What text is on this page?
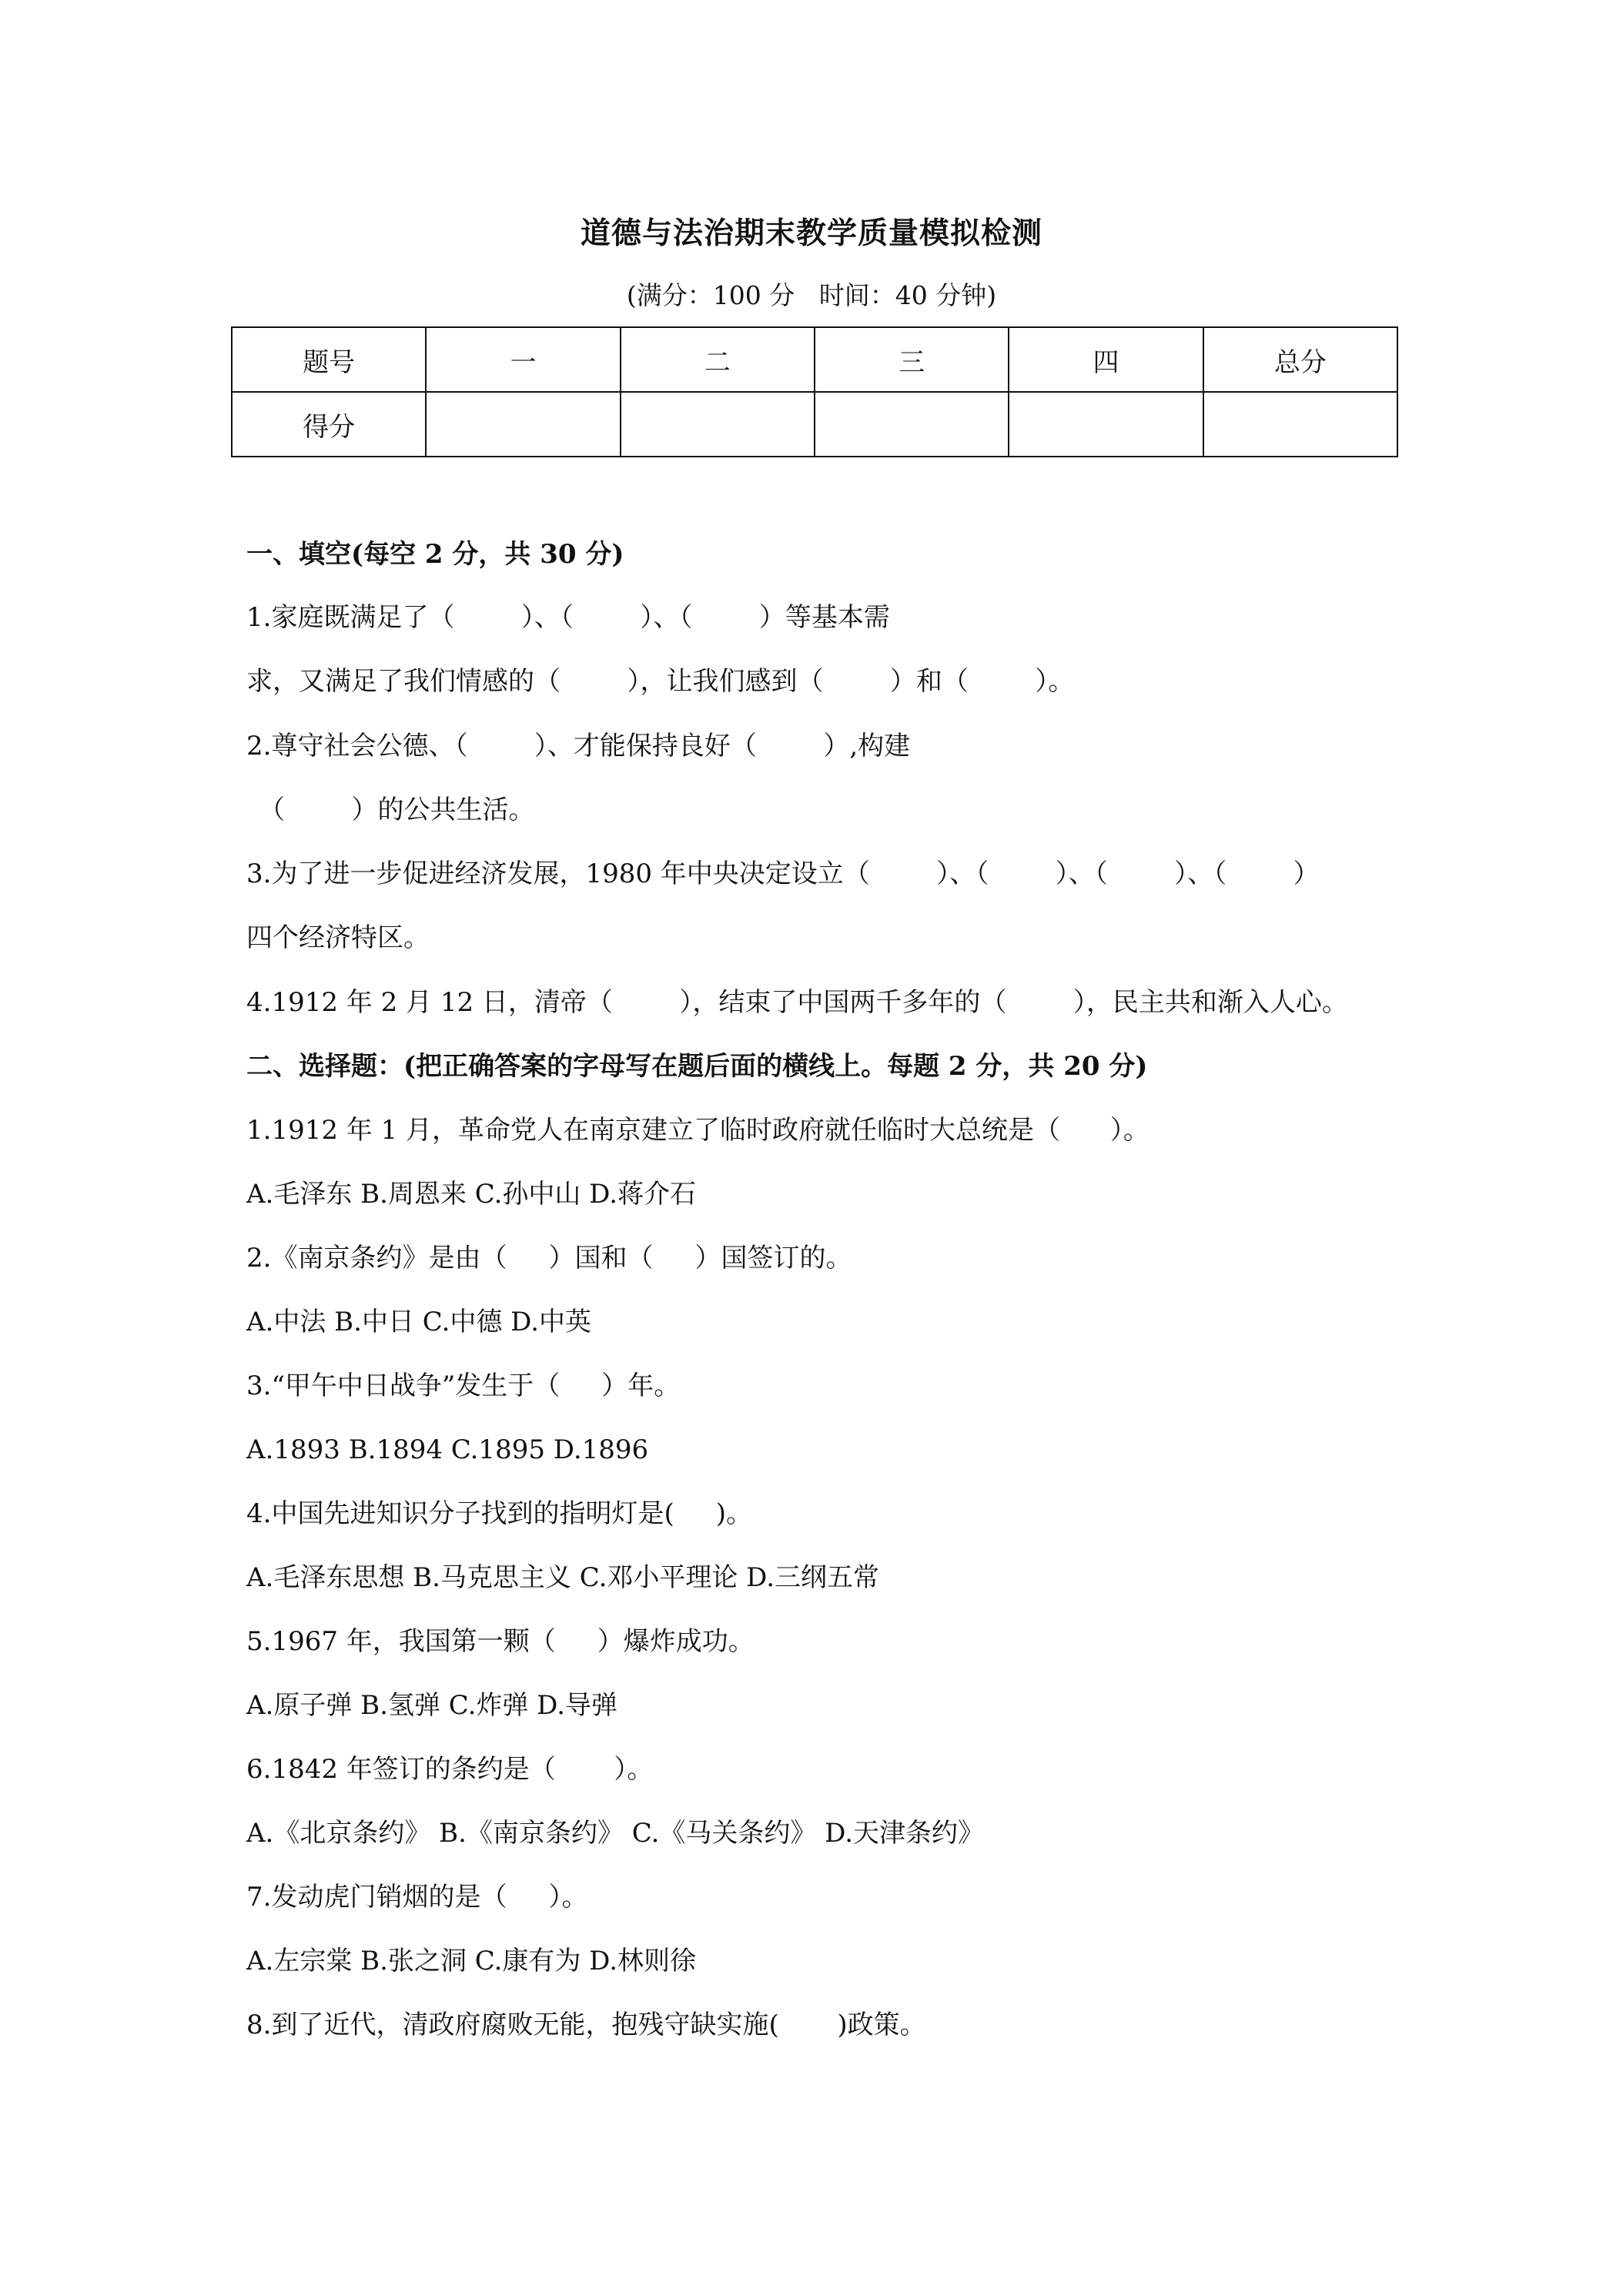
道德与法治期末教学质量模拟检测
(满分：100 分   时间：40 分钟)
题号	一	二	三	四	总分
得分					
一、填空(每空 2 分，共 30 分)
1.家庭既满足了（        ）、（        ）、（        ）等基本需
求，又满足了我们情感的（        ），让我们感到（        ）和（        ）。
2.尊守社会公德、（        ）、才能保持良好（        ）,构建
（        ）的公共生活。
3.为了进一步促进经济发展，1980 年中央决定设立（        ）、（        ）、（        ）、（        ）
四个经济特区。
4.1912 年 2 月 12 日，清帝（        ），结束了中国两千多年的（        ），民主共和渐入人心。
二、选择题：(把正确答案的字母写在题后面的横线上。每题 2 分，共 20 分)
1.1912 年 1 月，革命党人在南京建立了临时政府就任临时大总统是（      ）。
A.毛泽东 B.周恩来 C.孙中山 D.蒋介石
2.《南京条约》是由（     ）国和（     ）国签订的。
A.中法 B.中日 C.中德 D.中英
3.“甲午中日战争”发生于（     ）年。
A.1893 B.1894 C.1895 D.1896
4.中国先进知识分子找到的指明灯是(     )。
A.毛泽东思想 B.马克思主义 C.邓小平理论 D.三纲五常
5.1967 年，我国第一颗（     ）爆炸成功。
A.原子弹 B.氢弹 C.炸弹 D.导弹
6.1842 年签订的条约是（       ）。
A.《北京条约》 B.《南京条约》 C.《马关条约》 D.天津条约》
7.发动虎门销烟的是（     ）。
A.左宗棠 B.张之洞 C.康有为 D.林则徐
8.到了近代，清政府腐败无能，抱残守缺实施(       )政策。
